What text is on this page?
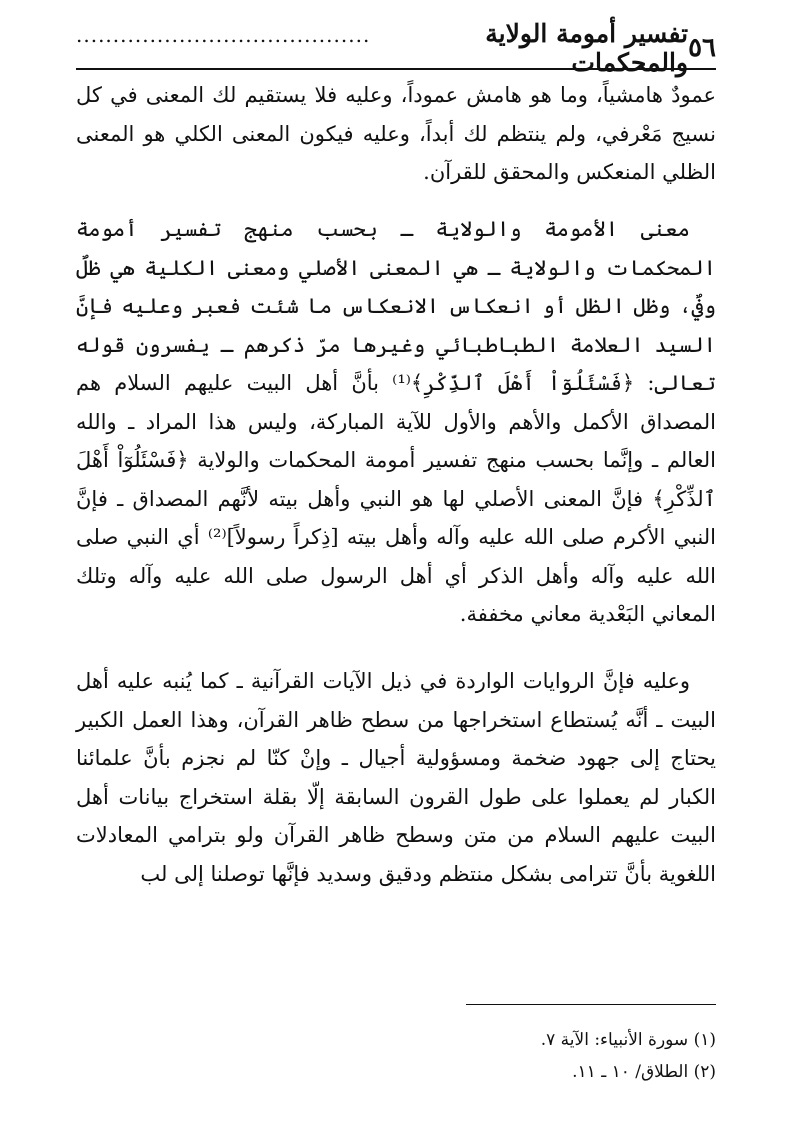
٥٦
تفسير أمومة الولاية والمحكمات
........................................

عمودٌ هامشياً، وما هو هامش عموداً، وعليه فلا يستقيم لك المعنى في كل نسيج مَعْرفي، ولم ينتظم لك أبداً، وعليه فيكون المعنى الكلي هو المعنى الظلي المنعكس والمحقق للقرآن.

معنى الأمومة والولاية ـ بحسب منهج تفسير أمومة المحكمات والولاية ـ هي المعنى الأصلي ومعنى الكلية هي ظلٌ وفيٌ، وظل الظل أو انعكاس الانعكاس ما شئت فعبر وعليه فإنَّ السيد العلامة الطباطبائي وغيرها مرّ ذكرهم ـ يفسرون قوله تعالى: ﴿فَسْئَلُوٓاْ أَهْلَ ٱلذِّكْرِ﴾⁽¹⁾ بأنَّ أهل البيت عليهم السلام هم المصداق الأكمل والأهم والأول للآية المباركة، وليس هذا المراد ـ والله العالم ـ وإنَّما بحسب منهج تفسير أمومة المحكمات والولاية ﴿فَسْئَلُوٓاْ أَهْلَ ٱلذِّكْرِ﴾ فإنَّ المعنى الأصلي لها هو النبي وأهل بيته لأنَّهم المصداق ـ فإنَّ النبي الأكرم صلى الله عليه وآله وأهل بيته [ذِكراً رسولاً]⁽²⁾ أي النبي صلى الله عليه وآله وأهل الذكر أي أهل الرسول صلى الله عليه وآله وتلك المعاني البَعْدية معاني مخففة.

وعليه فإنَّ الروايات الواردة في ذيل الآيات القرآنية ـ كما يُنبه عليه أهل البيت ـ أنَّه يُستطاع استخراجها من سطح ظاهر القرآن، وهذا العمل الكبير يحتاج إلى جهود ضخمة ومسؤولية أجيال ـ وإنْ كنّا لم نجزم بأنَّ علمائنا الكبار لم يعملوا على طول القرون السابقة إلّا بقلة استخراج بيانات أهل البيت عليهم السلام من متن وسطح ظاهر القرآن ولو بترامي المعادلات اللغوية بأنَّ تترامى بشكل منتظم ودقيق وسديد فإنَّها توصلنا إلى لب

(١) سورة الأنبياء: الآية ٧.

(٢) الطلاق/ ١٠ ـ ١١.
